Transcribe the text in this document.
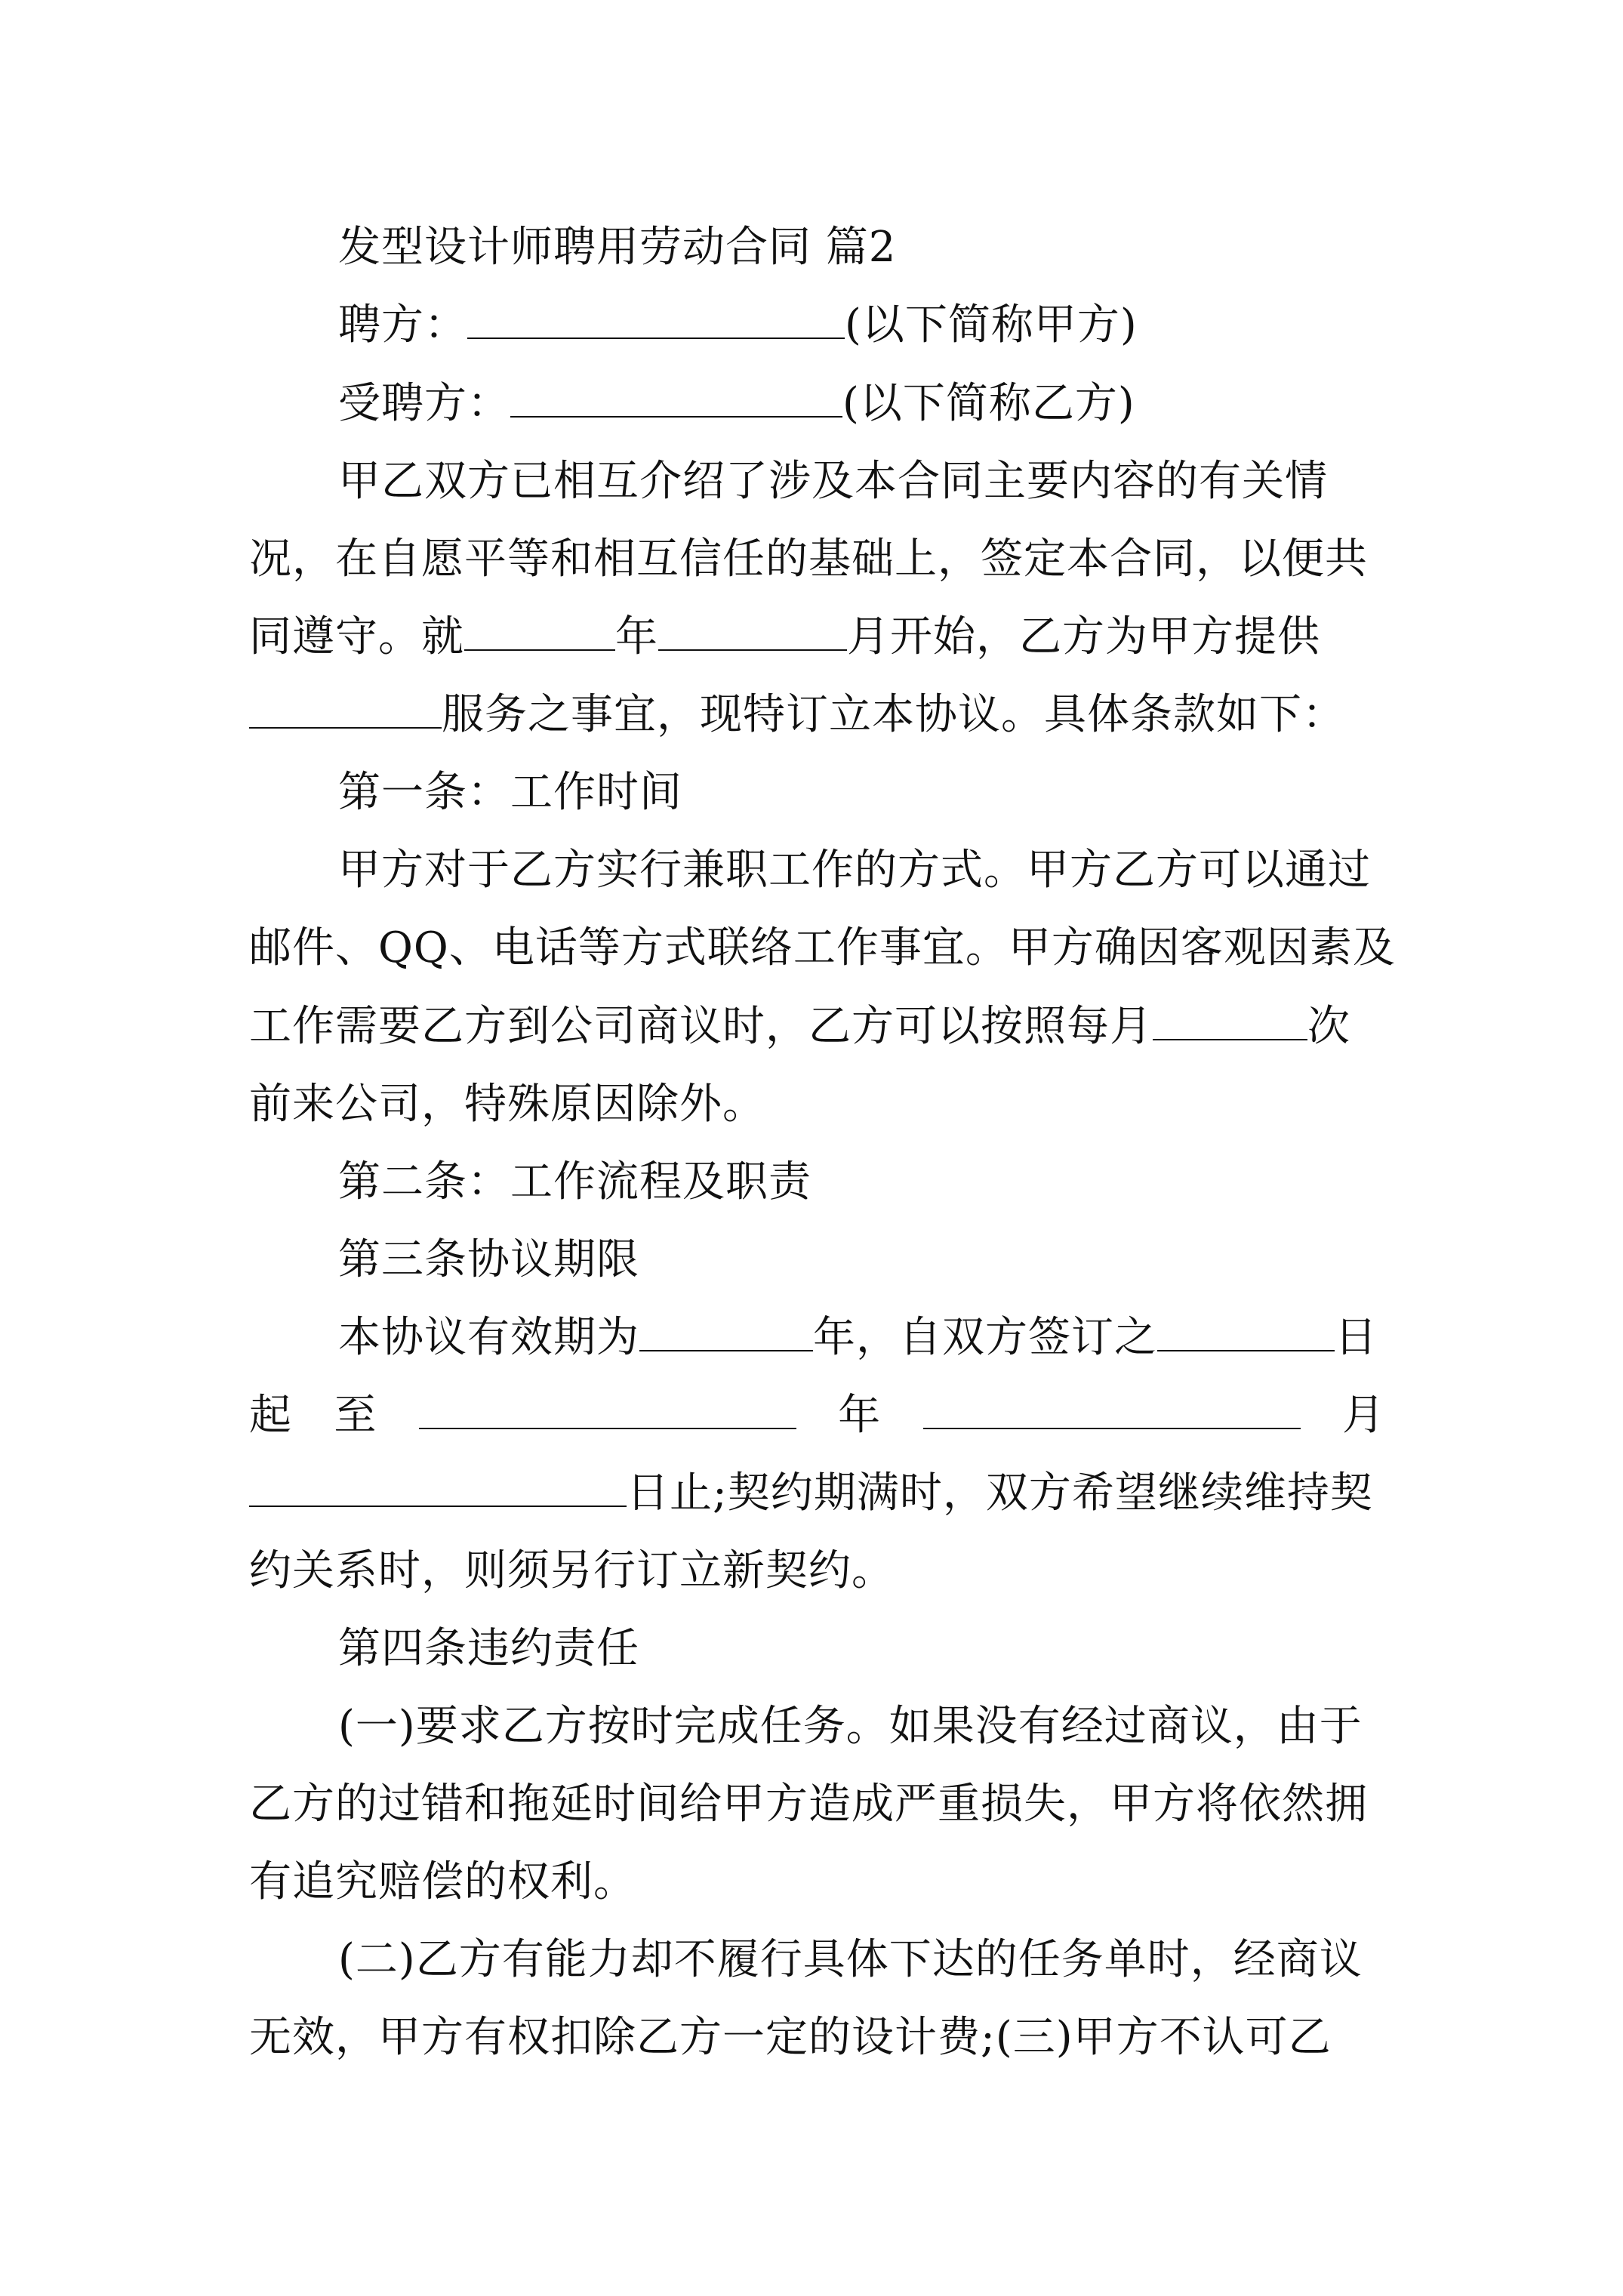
发型设计师聘用劳动合同 篇2
聘方：	(以下简称甲方)
受聘方：	(以下简称乙方)
甲乙双方已相互介绍了涉及本合同主要内容的有关情
况，在自愿平等和相互信任的基础上，签定本合同，以便共
同遵守。就	年	月开始，乙方为甲方提供
服务之事宜，现特订立本协议。具体条款如下：
第一条：工作时间
甲方对于乙方实行兼职工作的方式。甲方乙方可以通过
邮件、QQ、电话等方式联络工作事宜。甲方确因客观因素及
工作需要乙方到公司商议时，乙方可以按照每月	次
前来公司，特殊原因除外。
第二条：工作流程及职责
第三条协议期限
本协议有效期为	年，自双方签订之	日
起 至	年	月
日止;契约期满时，双方希望继续维持契
约关系时，则须另行订立新契约。
第四条违约责任
(一)要求乙方按时完成任务。如果没有经过商议，由于
乙方的过错和拖延时间给甲方造成严重损失，甲方将依然拥
有追究赔偿的权利。
(二)乙方有能力却不履行具体下达的任务单时，经商议
无效，甲方有权扣除乙方一定的设计费;(三)甲方不认可乙
